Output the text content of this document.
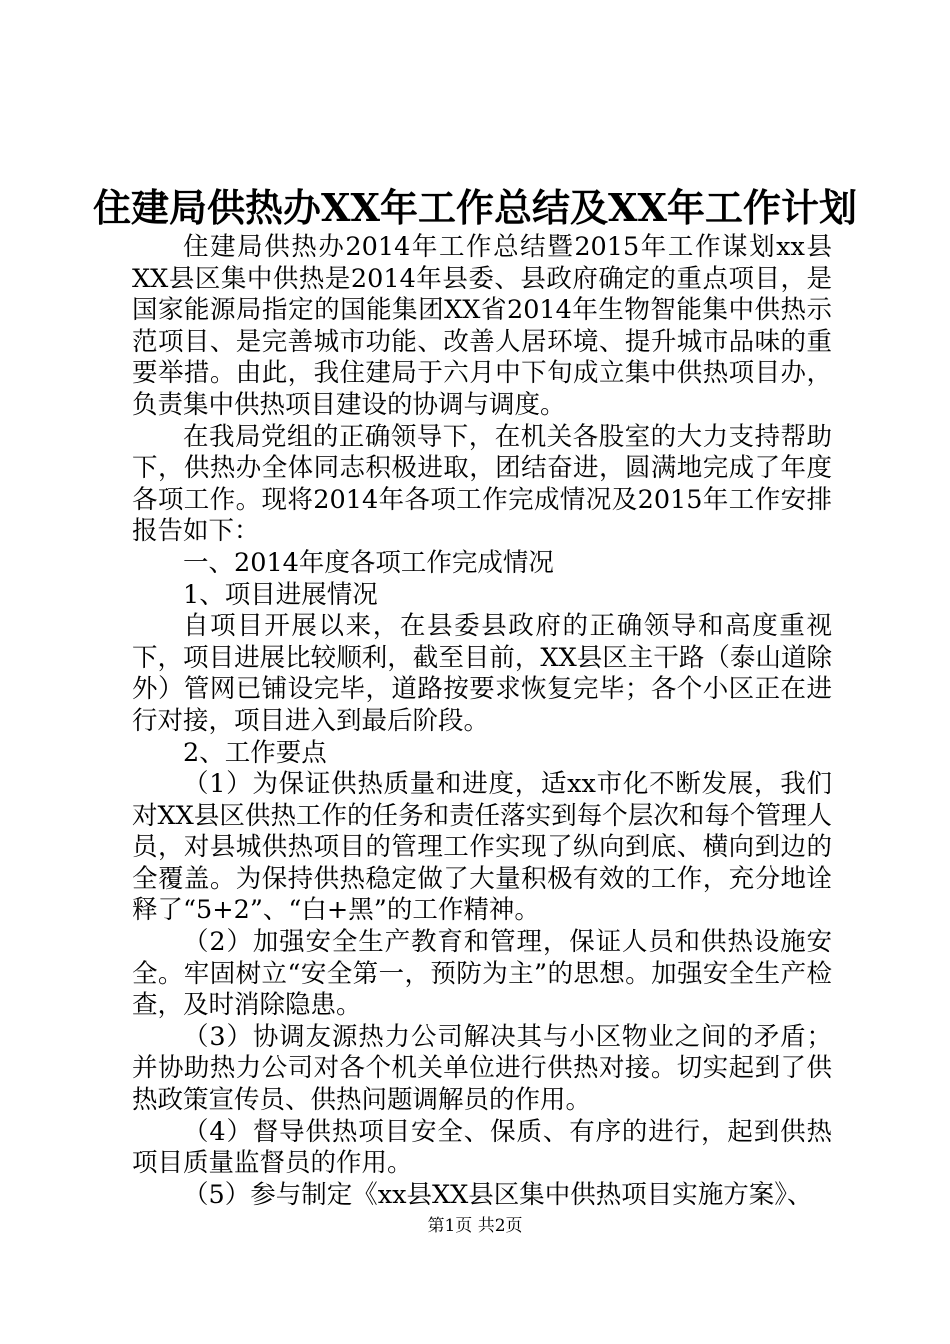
住建局供热办XX年工作总结及XX年工作计划

住建局供热办2014年工作总结暨2015年工作谋划xx县XX县区集中供热是2014年县委、县政府确定的重点项目，是国家能源局指定的国能集团XX省2014年生物智能集中供热示范项目、是完善城市功能、改善人居环境、提升城市品味的重要举措。由此，我住建局于六月中下旬成立集中供热项目办，负责集中供热项目建设的协调与调度。

在我局党组的正确领导下，在机关各股室的大力支持帮助下，供热办全体同志积极进取，团结奋进，圆满地完成了年度各项工作。现将2014年各项工作完成情况及2015年工作安排报告如下：

一、2014年度各项工作完成情况

1、项目进展情况

自项目开展以来，在县委县政府的正确领导和高度重视下，项目进展比较顺利，截至目前，XX县区主干路（泰山道除外）管网已铺设完毕，道路按要求恢复完毕；各个小区正在进行对接，项目进入到最后阶段。

2、工作要点

（1）为保证供热质量和进度，适xx市化不断发展，我们对XX县区供热工作的任务和责任落实到每个层次和每个管理人员，对县城供热项目的管理工作实现了纵向到底、横向到边的全覆盖。为保持供热稳定做了大量积极有效的工作，充分地诠释了“5+2”、“白+黑”的工作精神。

（2）加强安全生产教育和管理，保证人员和供热设施安全。牢固树立“安全第一，预防为主”的思想。加强安全生产检查，及时消除隐患。

（3）协调友源热力公司解决其与小区物业之间的矛盾；并协助热力公司对各个机关单位进行供热对接。切实起到了供热政策宣传员、供热问题调解员的作用。

（4）督导供热项目安全、保质、有序的进行，起到供热项目质量监督员的作用。

（5）参与制定《xx县XX县区集中供热项目实施方案》、

第1页 共2页
